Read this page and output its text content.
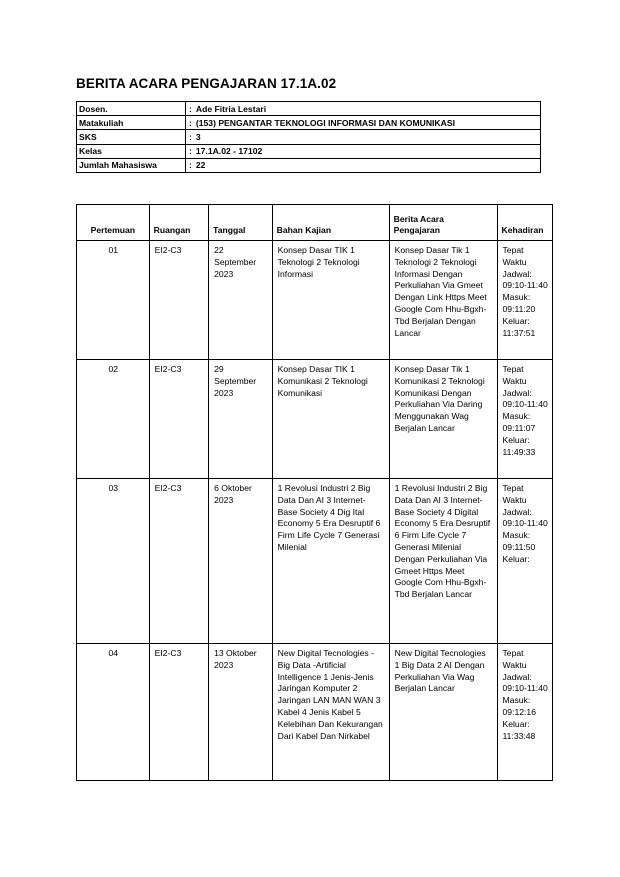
BERITA ACARA PENGAJARAN 17.1A.02
Dosen.	: Ade Fitria Lestari
Matakuliah	: (153) PENGANTAR TEKNOLOGI INFORMASI DAN KOMUNIKASI
SKS	: 3
Kelas	: 17.1A.02 - 17102
Jumlah Mahasiswa	: 22
Pertemuan	Ruangan	Tanggal	Bahan Kajian	Berita Acara Pengajaran	Kehadiran
01	EI2-C3	22 September 2023	Konsep Dasar TIK 1 Teknologi 2 Teknologi Informasi	Konsep Dasar Tik 1 Teknologi 2 Teknologi Informasi Dengan Perkuliahan Via Gmeet Dengan Link Https Meet Google Com Hhu-Bgxh-Tbd Berjalan Dengan Lancar	Tepat Waktu Jadwal: 09:10-11:40 Masuk: 09:11:20 Keluar: 11:37:51
02	EI2-C3	29 September 2023	Konsep Dasar TIK 1 Komunikasi 2 Teknologi Komunikasi	Konsep Dasar Tik 1 Komunikasi 2 Teknologi Komunikasi Dengan Perkuliahan Via Daring Menggunakan Wag Berjalan Lancar	Tepat Waktu Jadwal: 09:10-11:40 Masuk: 09:11:07 Keluar: 11:49:33
03	EI2-C3	6 Oktober 2023	1 Revolusi Industri 2 Big Data Dan AI 3 Internet-Base Society 4 Dig Ital Economy 5 Era Desruptif 6 Firm Life Cycle 7 Generasi Milenial	1 Revolusi Industri 2 Big Data Dan AI 3 Internet-Base Society 4 Digital Economy 5 Era Desruptif 6 Firm Life Cycle 7 Generasi Milenial Dengan Perkuliahan Via Gmeet Https Meet Google Com Hhu-Bgxh-Tbd Berjalan Lancar	Tepat Waktu Jadwal: 09:10-11:40 Masuk: 09:11:50 Keluar:
04	EI2-C3	13 Oktober 2023	New Digital Tecnologies -Big Data -Artificial Intelligence 1 Jenis-Jenis Jaringan Komputer 2 Jaringan LAN MAN WAN 3 Kabel 4 Jenis Kabel 5 Kelebihan Dan Kekurangan Dari Kabel Dan Nirkabel	New Digital Tecnologies 1 Big Data 2 AI Dengan Perkuliahan Via Wag Berjalan Lancar	Tepat Waktu Jadwal: 09:10-11:40 Masuk: 09:12:16 Keluar: 11:33:48
